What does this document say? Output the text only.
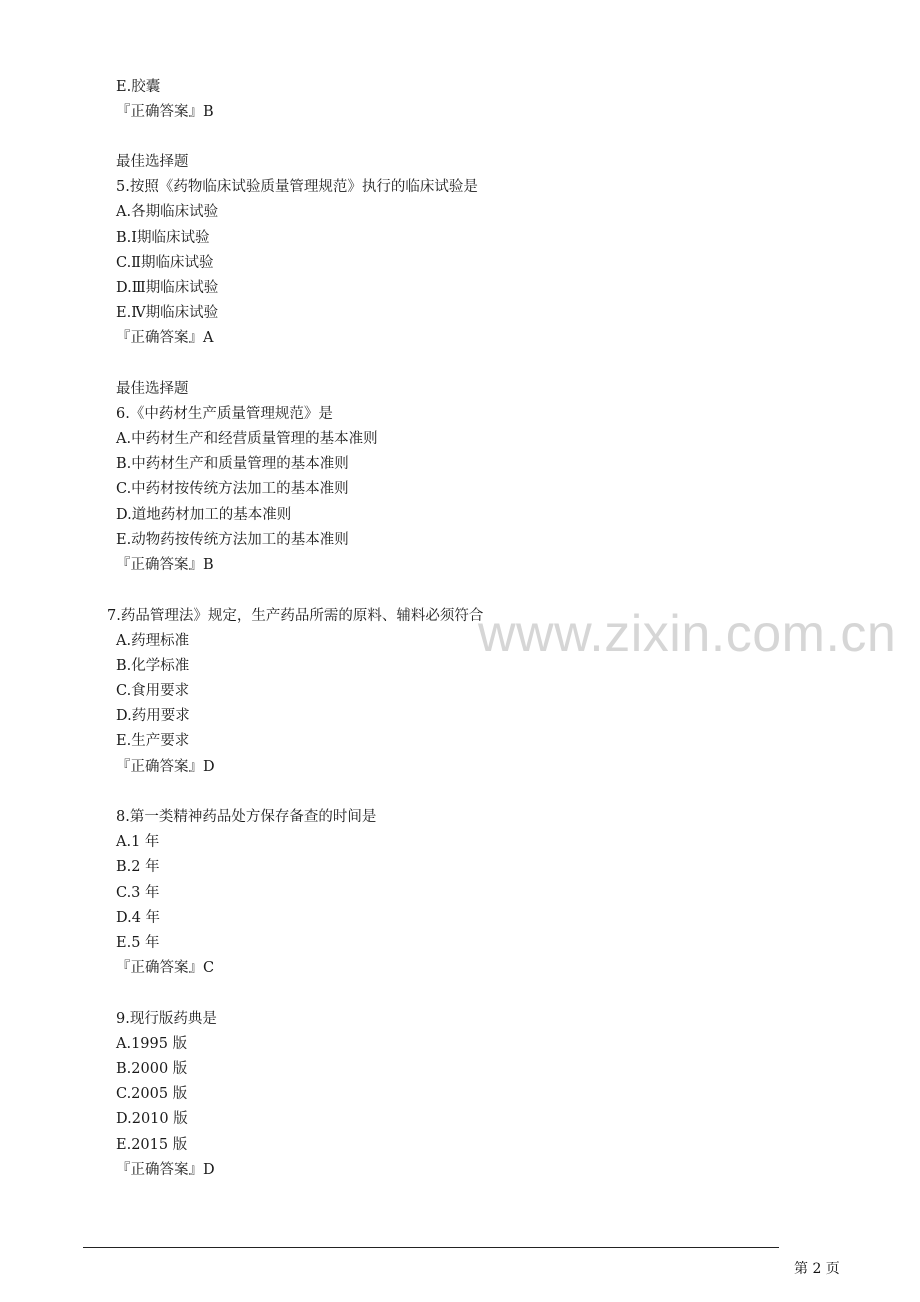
www.zixin.com.cn
E.胶囊
『正确答案』B
最佳选择题
5.按照《药物临床试验质量管理规范》执行的临床试验是
A.各期临床试验
B.Ⅰ期临床试验
C.Ⅱ期临床试验
D.Ⅲ期临床试验
E.Ⅳ期临床试验
『正确答案』A
最佳选择题
6.《中药材生产质量管理规范》是
A.中药材生产和经营质量管理的基本准则
B.中药材生产和质量管理的基本准则
C.中药材按传统方法加工的基本准则
D.道地药材加工的基本准则
E.动物药按传统方法加工的基本准则
『正确答案』B
7.药品管理法》规定，生产药品所需的原料、辅料必须符合
A.药理标准
B.化学标准
C.食用要求
D.药用要求
E.生产要求
『正确答案』D
8.第一类精神药品处方保存备查的时间是
A.1 年
B.2 年
C.3 年
D.4 年
E.5 年
『正确答案』C
9.现行版药典是
A.1995 版
B.2000 版
C.2005 版
D.2010 版
E.2015 版
『正确答案』D
第 2 页
